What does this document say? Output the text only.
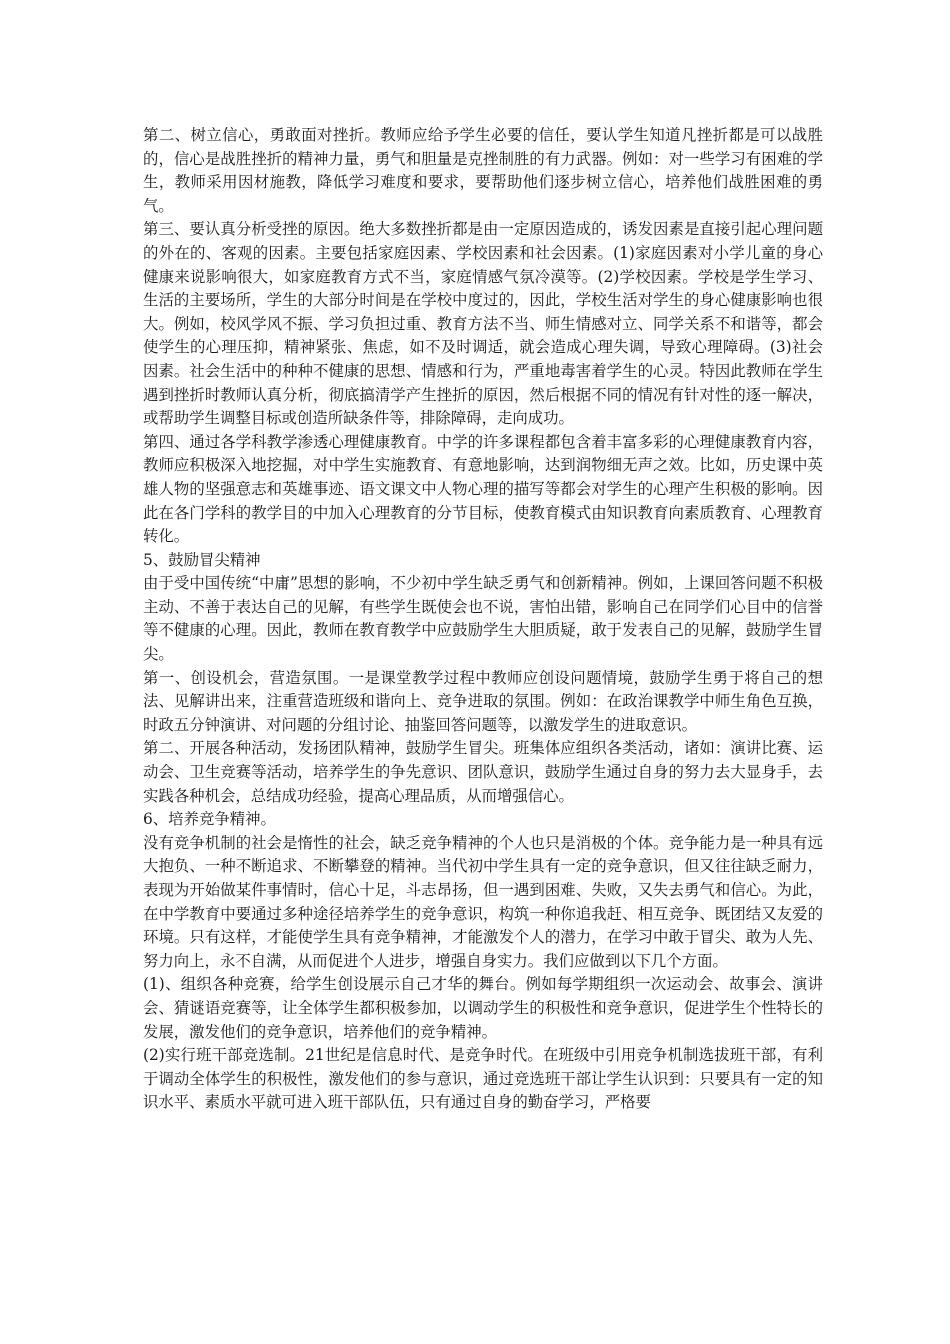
第二、树立信心，勇敢面对挫折。教师应给予学生必要的信任，要认学生知道凡挫折都是可以战胜的，信心是战胜挫折的精神力量，勇气和胆量是克挫制胜的有力武器。例如：对一些学习有困难的学生，教师采用因材施教，降低学习难度和要求，要帮助他们逐步树立信心，培养他们战胜困难的勇气。

第三、要认真分析受挫的原因。绝大多数挫折都是由一定原因造成的，诱发因素是直接引起心理问题的外在的、客观的因素。主要包括家庭因素、学校因素和社会因素。(1)家庭因素对小学儿童的身心健康来说影响很大，如家庭教育方式不当，家庭情感气氛冷漠等。(2)学校因素。学校是学生学习、生活的主要场所，学生的大部分时间是在学校中度过的，因此，学校生活对学生的身心健康影响也很大。例如，校风学风不振、学习负担过重、教育方法不当、师生情感对立、同学关系不和谐等，都会使学生的心理压抑，精神紧张、焦虑，如不及时调适，就会造成心理失调，导致心理障碍。(3)社会因素。社会生活中的种种不健康的思想、情感和行为，严重地毒害着学生的心灵。特因此教师在学生遇到挫折时教师认真分析，彻底搞清学产生挫折的原因，然后根据不同的情况有针对性的逐一解决，或帮助学生调整目标或创造所缺条件等，排除障碍，走向成功。

第四、通过各学科教学渗透心理健康教育。中学的许多课程都包含着丰富多彩的心理健康教育内容，教师应积极深入地挖掘，对中学生实施教育、有意地影响，达到润物细无声之效。比如，历史课中英雄人物的坚强意志和英雄事迹、语文课文中人物心理的描写等都会对学生的心理产生积极的影响。因此在各门学科的教学目的中加入心理教育的分节目标，使教育模式由知识教育向素质教育、心理教育转化。

5、鼓励冒尖精神

由于受中国传统“中庸”思想的影响，不少初中学生缺乏勇气和创新精神。例如，上课回答问题不积极主动、不善于表达自己的见解，有些学生既使会也不说，害怕出错，影响自己在同学们心目中的信誉等不健康的心理。因此，教师在教育教学中应鼓励学生大胆质疑，敢于发表自己的见解，鼓励学生冒尖。

第一、创设机会，营造氛围。一是课堂教学过程中教师应创设问题情境，鼓励学生勇于将自己的想法、见解讲出来，注重营造班级和谐向上、竞争进取的氛围。例如：在政治课教学中师生角色互换，时政五分钟演讲、对问题的分组讨论、抽鉴回答问题等，以激发学生的进取意识。

第二、开展各种活动，发扬团队精神，鼓励学生冒尖。班集体应组织各类活动，诸如：演讲比赛、运动会、卫生竞赛等活动，培养学生的争先意识、团队意识，鼓励学生通过自身的努力去大显身手，去实践各种机会，总结成功经验，提高心理品质，从而增强信心。

6、培养竞争精神。

没有竞争机制的社会是惰性的社会，缺乏竞争精神的个人也只是消极的个体。竞争能力是一种具有远大抱负、一种不断追求、不断攀登的精神。当代初中学生具有一定的竞争意识，但又往往缺乏耐力，表现为开始做某件事情时，信心十足，斗志昂扬，但一遇到困难、失败，又失去勇气和信心。为此，在中学教育中要通过多种途径培养学生的竞争意识，构筑一种你追我赶、相互竞争、既团结又友爱的环境。只有这样，才能使学生具有竞争精神，才能激发个人的潜力，在学习中敢于冒尖、敢为人先、努力向上，永不自满，从而促进个人进步，增强自身实力。我们应做到以下几个方面。

(1)、组织各种竞赛，给学生创设展示自己才华的舞台。例如每学期组织一次运动会、故事会、演讲会、猜谜语竞赛等，让全体学生都积极参加，以调动学生的积极性和竞争意识，促进学生个性特长的发展，激发他们的竞争意识，培养他们的竞争精神。

(2)实行班干部竞选制。21世纪是信息时代、是竞争时代。在班级中引用竞争机制选拔班干部，有利于调动全体学生的积极性，激发他们的参与意识，通过竞选班干部让学生认识到：只要具有一定的知识水平、素质水平就可进入班干部队伍，只有通过自身的勤奋学习，严格要
